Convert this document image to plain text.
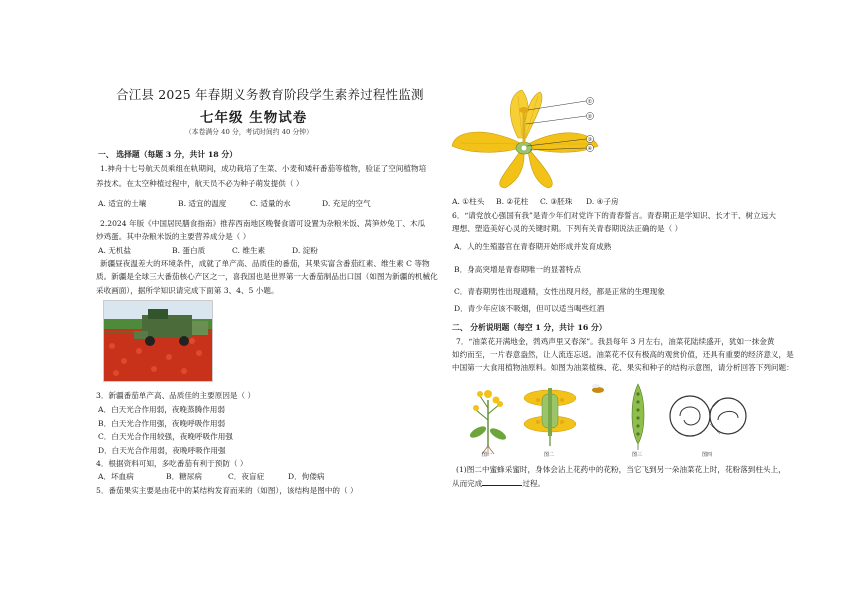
合江县 2025 年春期义务教育阶段学生素养过程性监测
七年级 生物试卷
（本卷满分 40 分，考试时间约 40 分钟）
一、 选择题（每题 3 分，共计 18 分）
1.神舟十七号航天员乘组在轨期间，成功栽培了生菜、小麦和矮秆番茄等植物，验证了空间植物培
养技术。在太空种植过程中，航天员不必为种子萌发提供（ ）
A. 适宜的土壤	B. 适宜的温度	C. 适量的水	D. 充足的空气
2.2024 年版《中国居民膳食指南》推荐西南地区晚餐食谱可设置为杂粮米饭、莴笋炒兔丁、木瓜
炒鸡蛋。其中杂粮米饭的主要营养成分是（ ）
A. 无机盐	B. 蛋白质	C. 维生素	D. 淀粉
新疆昼夜温差大的环境条件，成就了单产高、品质佳的番茄，其果实富含番茄红素、维生素 C 等物
质。新疆是全球三大番茄核心产区之一，喜我国也是世界第一大番茄制品出口国（如图为新疆的机械化
采收画面），据所学知识请完成下面第 3、4、5 小题。
3．新疆番茄单产高、品质佳的主要原因是（ ）
A．白天光合作用弱，夜晚蒸腾作用弱
B．白天光合作用强，夜晚呼吸作用弱
C．白天光合作用较强，夜晚呼吸作用强
D．白天光合作用弱，夜晚呼吸作用强
4．根据资料可知，多吃番茄有利于预防（ ）
A．坏血病	B．糖尿病	C．夜盲症	D．佝偻病
5．番茄果实主要是由花中的某结构发育而来的（如图），该结构是图中的（ ）
①
②
③
④
A. ①柱头 B. ②花柱 C. ③胚珠 D. ④子房
6．“请党放心强国有我”是青少年们对党许下的青春誓言。青春期正是学知识、长才干、树立远大
理想、塑造美好心灵的关键时期。下列有关青春期说法正确的是（ ）
A．人的生殖器官在青春期开始形成并发育成熟
B．身高突增是青春期唯一的显著特点
C．青春期男性出现遗精，女性出现月经，都是正常的生理现象
D．青少年应该不吸烟，但可以适当喝些红酒
二、 分析说明题（每空 1 分，共计 16 分）
7．“油菜花开满地金，鹁鸡声里又春深”。我县每年 3 月左右，油菜花陆续盛开，犹如一抹金黄
如约而至，一片春意盎然，让人流连忘返。油菜花不仅有极高的观赏价值，还具有重要的经济意义，是
中国第一大食用植物油原料。如图为油菜植株、花、果实和种子的结构示意图，请分析回答下列问题：
图一	图二	图三	图四
(1)图二中蜜蜂采蜜时，身体会沾上花药中的花粉，当它飞到另一朵油菜花上时，花粉落到柱头上，
从而完成	过程。
